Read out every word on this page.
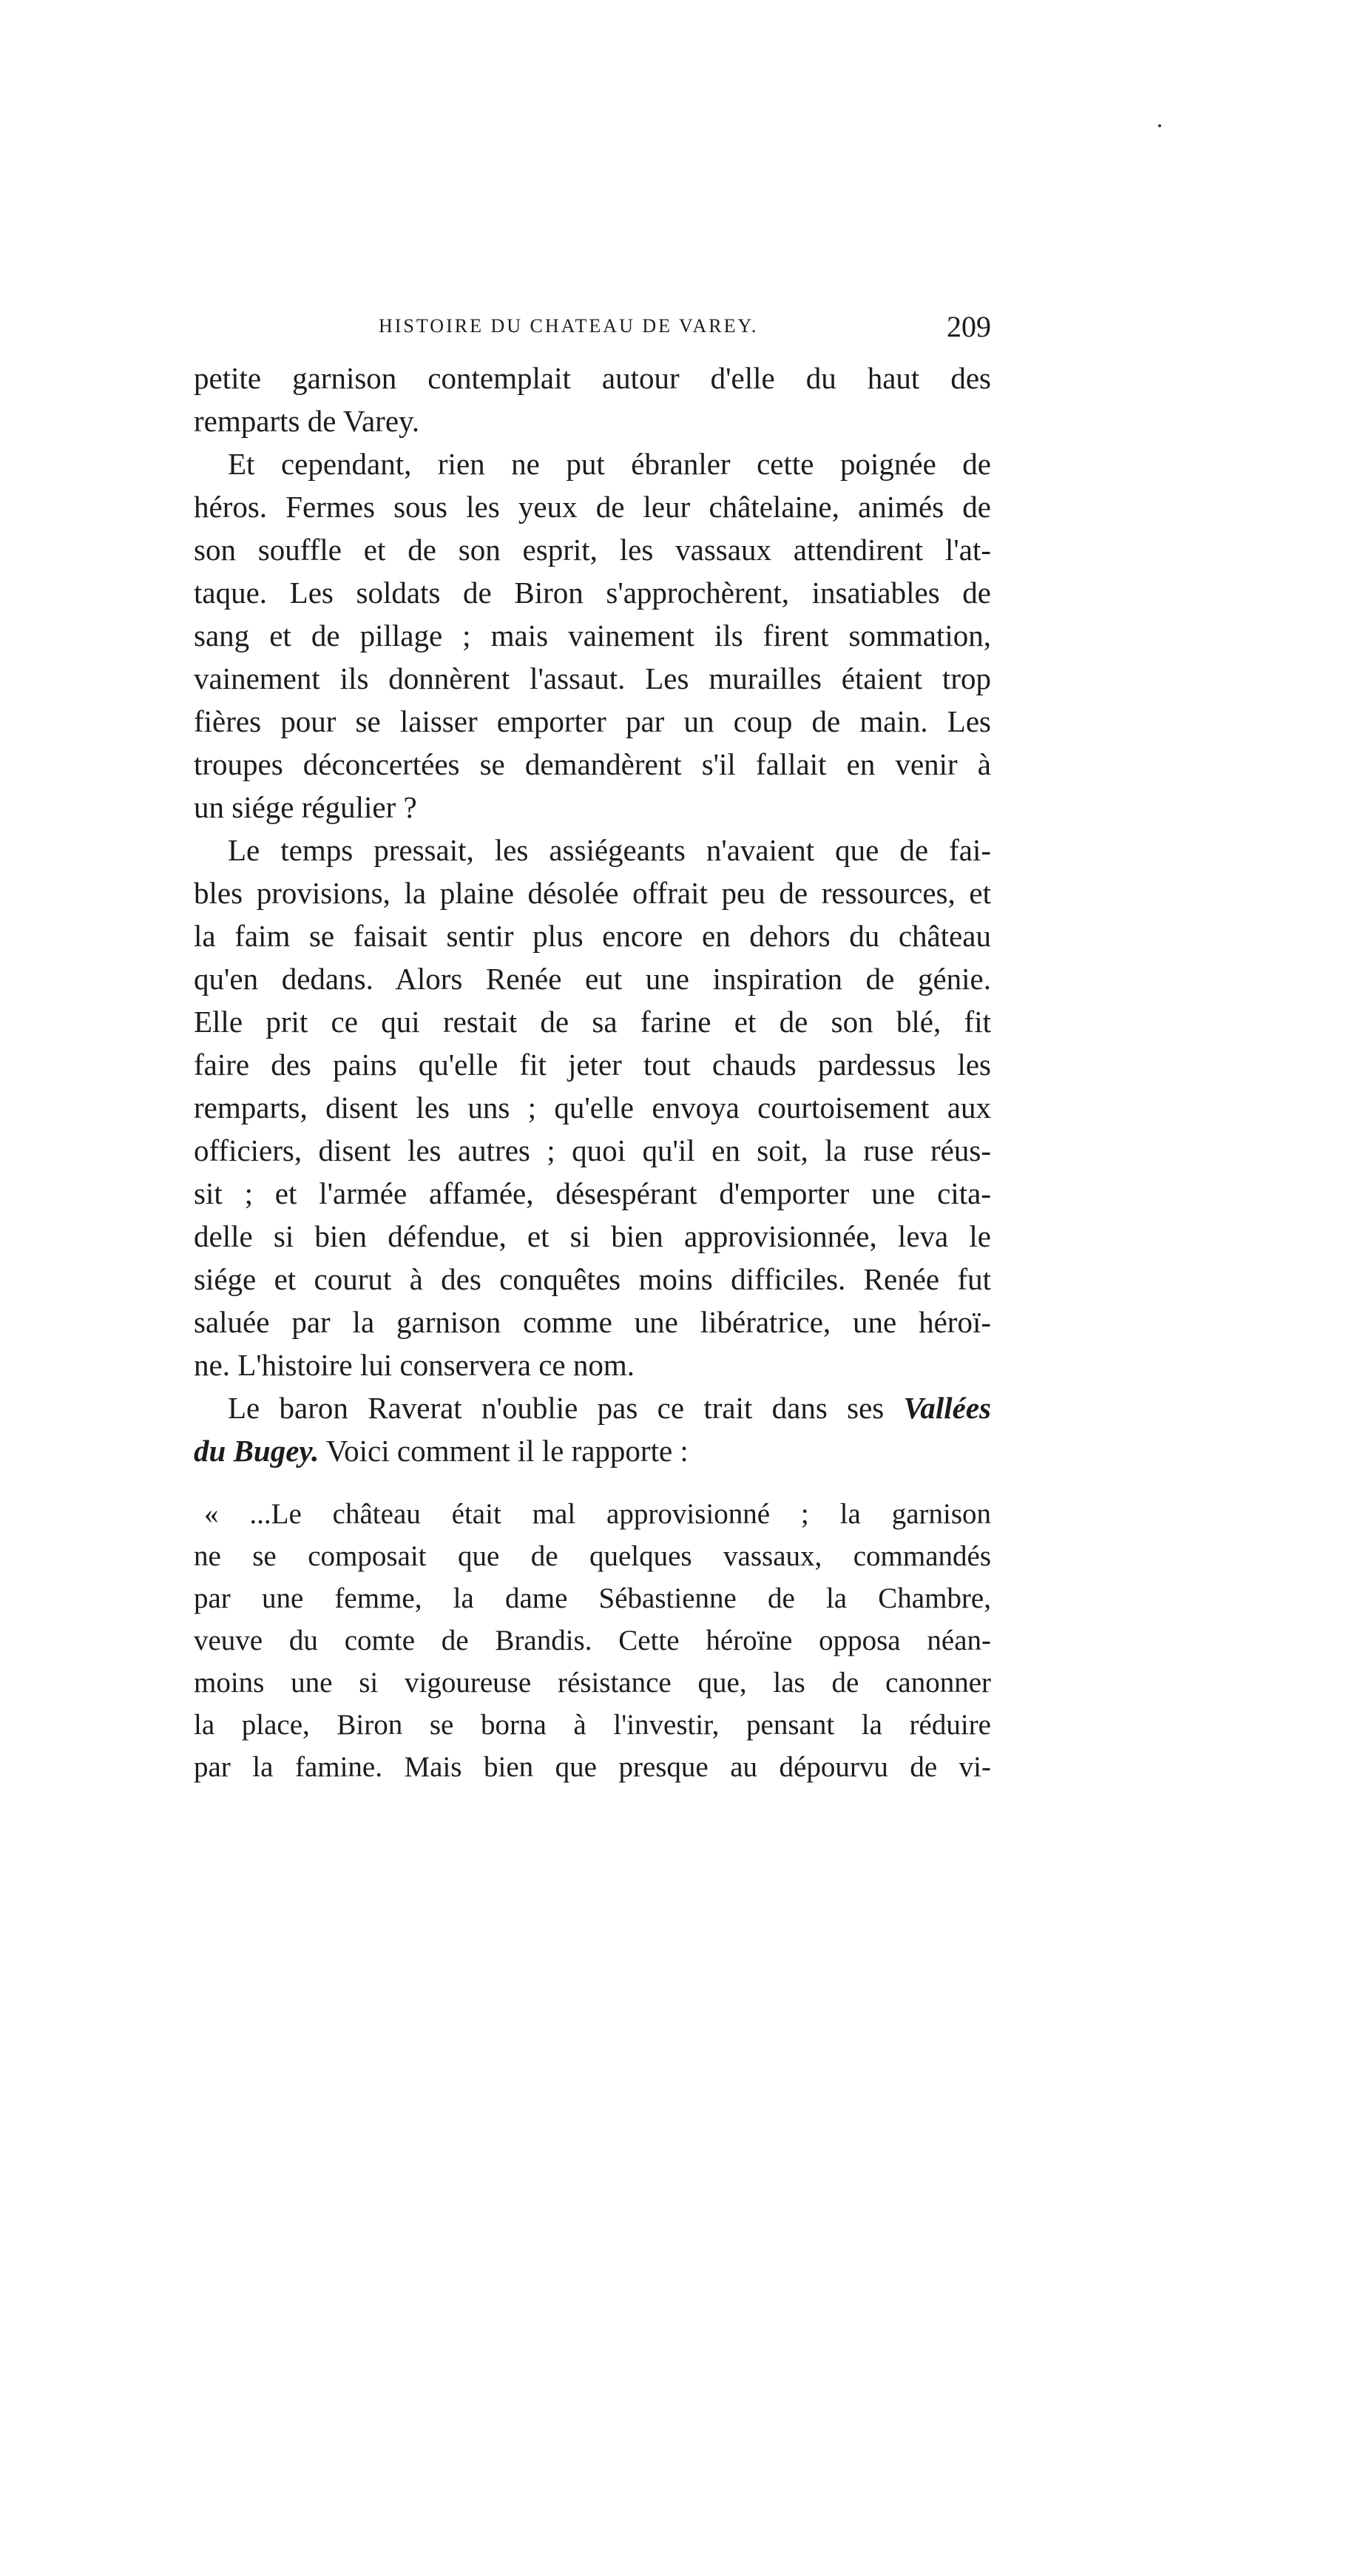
HISTOIRE DU CHATEAU DE VAREY.	209
petite garnison contemplait autour d'elle du haut des
remparts de Varey.
Et cependant, rien ne put ébranler cette poignée de
héros. Fermes sous les yeux de leur châtelaine, animés de
son souffle et de son esprit, les vassaux attendirent l'at-
taque. Les soldats de Biron s'approchèrent, insatiables de
sang et de pillage ; mais vainement ils firent sommation,
vainement ils donnèrent l'assaut. Les murailles étaient trop
fières pour se laisser emporter par un coup de main. Les
troupes déconcertées se demandèrent s'il fallait en venir à
un siége régulier ?
Le temps pressait, les assiégeants n'avaient que de fai-
bles provisions, la plaine désolée offrait peu de ressources, et
la faim se faisait sentir plus encore en dehors du château
qu'en dedans. Alors Renée eut une inspiration de génie.
Elle prit ce qui restait de sa farine et de son blé, fit
faire des pains qu'elle fit jeter tout chauds pardessus les
remparts, disent les uns ; qu'elle envoya courtoisement aux
officiers, disent les autres ; quoi qu'il en soit, la ruse réus-
sit ; et l'armée affamée, désespérant d'emporter une cita-
delle si bien défendue, et si bien approvisionnée, leva le
siége et courut à des conquêtes moins difficiles. Renée fut
saluée par la garnison comme une libératrice, une héroï-
ne. L'histoire lui conservera ce nom.
Le baron Raverat n'oublie pas ce trait dans ses Vallées
du Bugey. Voici comment il le rapporte :
« ...Le château était mal approvisionné ; la garnison
ne se composait que de quelques vassaux, commandés
par une femme, la dame Sébastienne de la Chambre,
veuve du comte de Brandis. Cette héroïne opposa néan-
moins une si vigoureuse résistance que, las de canonner
la place, Biron se borna à l'investir, pensant la réduire
par la famine. Mais bien que presque au dépourvu de vi-
